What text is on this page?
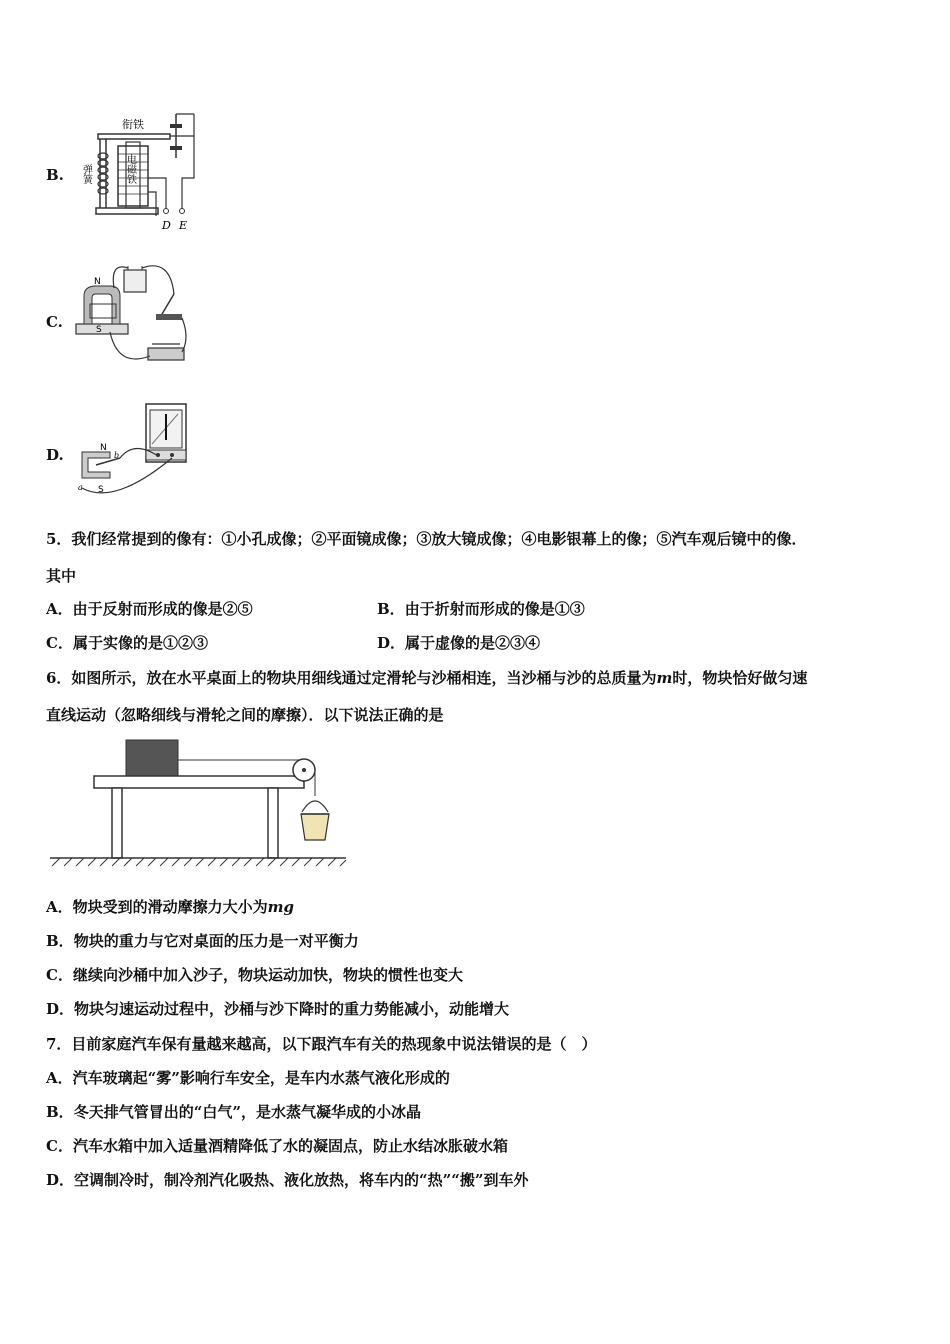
B.
衔铁
弹簧	电磁铁
D E
C.
N
S
D.	N
S
a
b
5．我们经常提到的像有：①小孔成像；②平面镜成像；③放大镜成像；④电影银幕上的像；⑤汽车观后镜中的像．
其中
A．由于反射而形成的像是②⑤	B．由于折射而形成的像是①③
C．属于实像的是①②③	D．属于虚像的是②③④
6．如图所示，放在水平桌面上的物块用细线通过定滑轮与沙桶相连，当沙桶与沙的总质量为m时，物块恰好做匀速
直线运动（忽略细线与滑轮之间的摩擦）．以下说法正确的是
A．物块受到的滑动摩擦力大小为mg
B．物块的重力与它对桌面的压力是一对平衡力
C．继续向沙桶中加入沙子，物块运动加快，物块的惯性也变大
D．物块匀速运动过程中，沙桶与沙下降时的重力势能减小，动能增大
7．目前家庭汽车保有量越来越高，以下跟汽车有关的热现象中说法错误的是（　）
A．汽车玻璃起“雾”影响行车安全，是车内水蒸气液化形成的
B．冬天排气管冒出的“白气”，是水蒸气凝华成的小冰晶
C．汽车水箱中加入适量酒精降低了水的凝固点，防止水结冰胀破水箱
D．空调制冷时，制冷剂汽化吸热、液化放热，将车内的“热”“搬”到车外
